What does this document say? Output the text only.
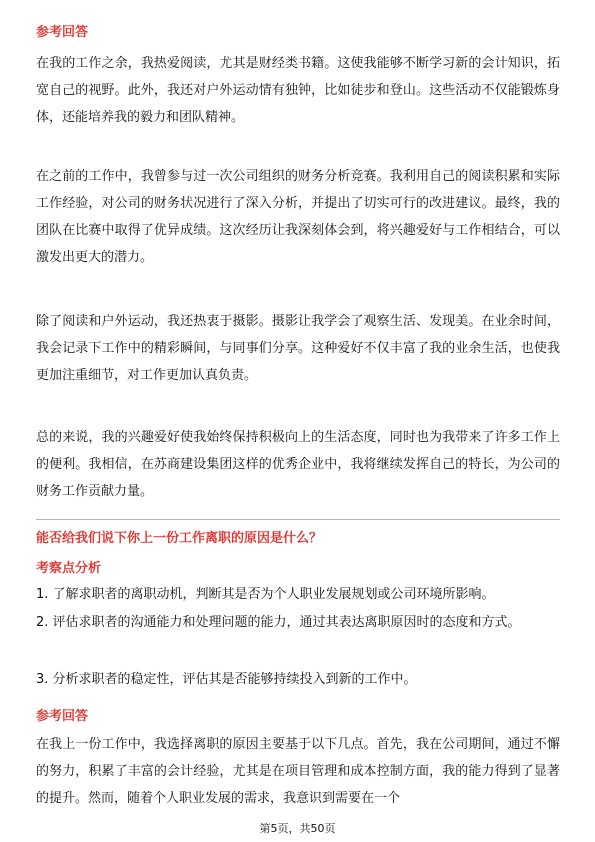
参考回答
在我的工作之余，我热爱阅读，尤其是财经类书籍。这使我能够不断学习新的会计知识，拓宽自己的视野。此外，我还对户外运动情有独钟，比如徒步和登山。这些活动不仅能锻炼身体，还能培养我的毅力和团队精神。
在之前的工作中，我曾参与过一次公司组织的财务分析竞赛。我利用自己的阅读积累和实际工作经验，对公司的财务状况进行了深入分析，并提出了切实可行的改进建议。最终，我的团队在比赛中取得了优异成绩。这次经历让我深刻体会到，将兴趣爱好与工作相结合，可以激发出更大的潜力。
除了阅读和户外运动，我还热衷于摄影。摄影让我学会了观察生活、发现美。在业余时间，我会记录下工作中的精彩瞬间，与同事们分享。这种爱好不仅丰富了我的业余生活，也使我更加注重细节，对工作更加认真负责。
总的来说，我的兴趣爱好使我始终保持积极向上的生活态度，同时也为我带来了许多工作上的便利。我相信，在苏商建设集团这样的优秀企业中，我将继续发挥自己的特长，为公司的财务工作贡献力量。
能否给我们说下你上一份工作离职的原因是什么？
考察点分析
1. 了解求职者的离职动机，判断其是否为个人职业发展规划或公司环境所影响。
2. 评估求职者的沟通能力和处理问题的能力，通过其表达离职原因时的态度和方式。
3. 分析求职者的稳定性，评估其是否能够持续投入到新的工作中。
参考回答
在我上一份工作中，我选择离职的原因主要基于以下几点。首先，我在公司期间，通过不懈的努力，积累了丰富的会计经验，尤其是在项目管理和成本控制方面，我的能力得到了显著的提升。然而，随着个人职业发展的需求，我意识到需要在一个
第5页，共50页
